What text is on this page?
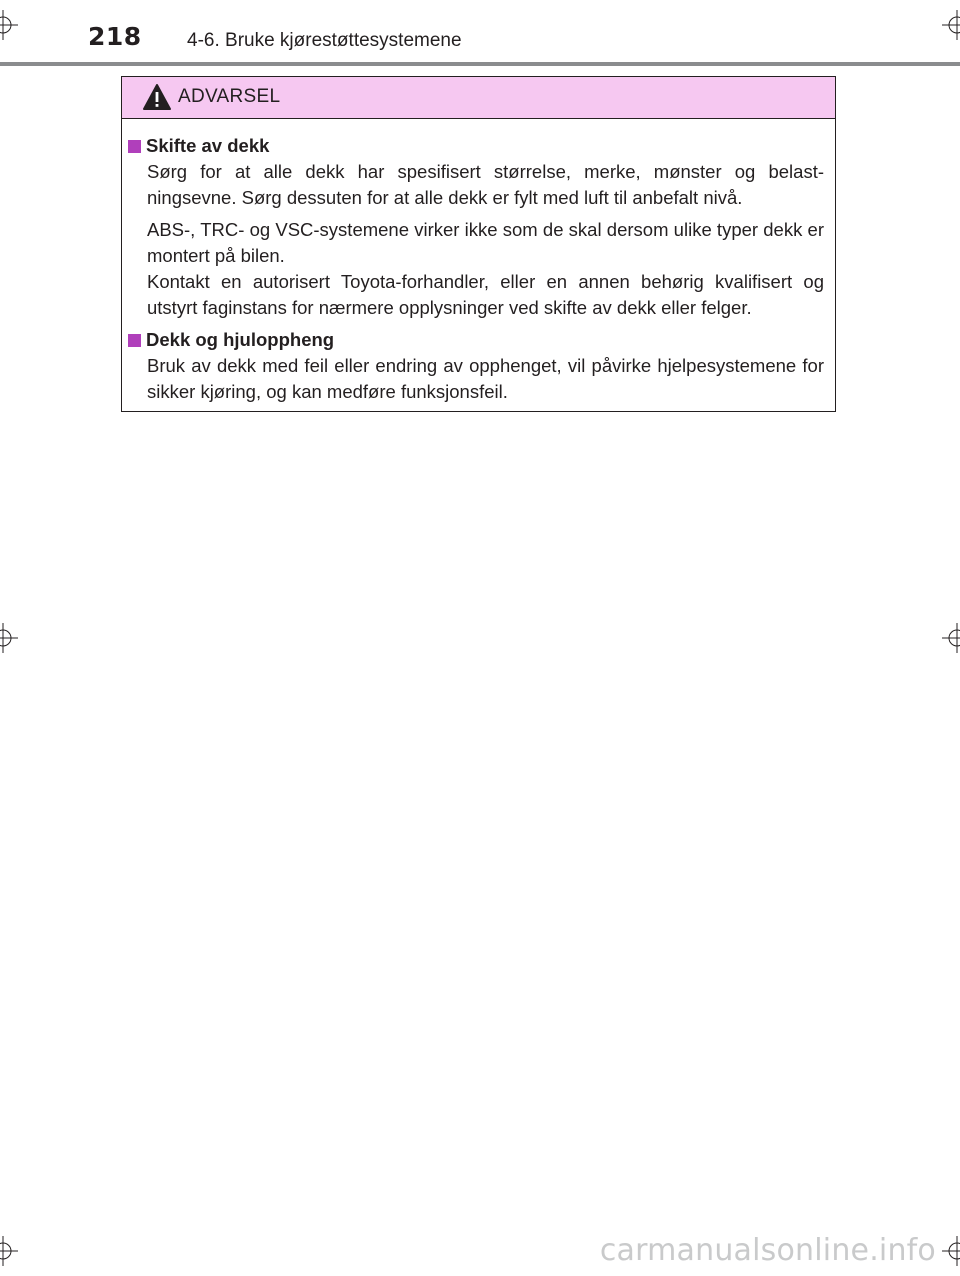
218 4-6. Bruke kjørestøttesystemene
ADVARSEL
Skifte av dekk

Sørg for at alle dekk har spesifisert størrelse, merke, mønster og belast-ningsevne. Sørg dessuten for at alle dekk er fylt med luft til anbefalt nivå.

ABS-, TRC- og VSC-systemene virker ikke som de skal dersom ulike typer dekk er montert på bilen.

Kontakt en autorisert Toyota-forhandler, eller en annen behørig kvalifisert og utstyrt faginstans for nærmere opplysninger ved skifte av dekk eller felger.

Dekk og hjuloppheng

Bruk av dekk med feil eller endring av opphenget, vil påvirke hjelpesystemene for sikker kjøring, og kan medføre funksjonsfeil.

carmanualsonline.info
